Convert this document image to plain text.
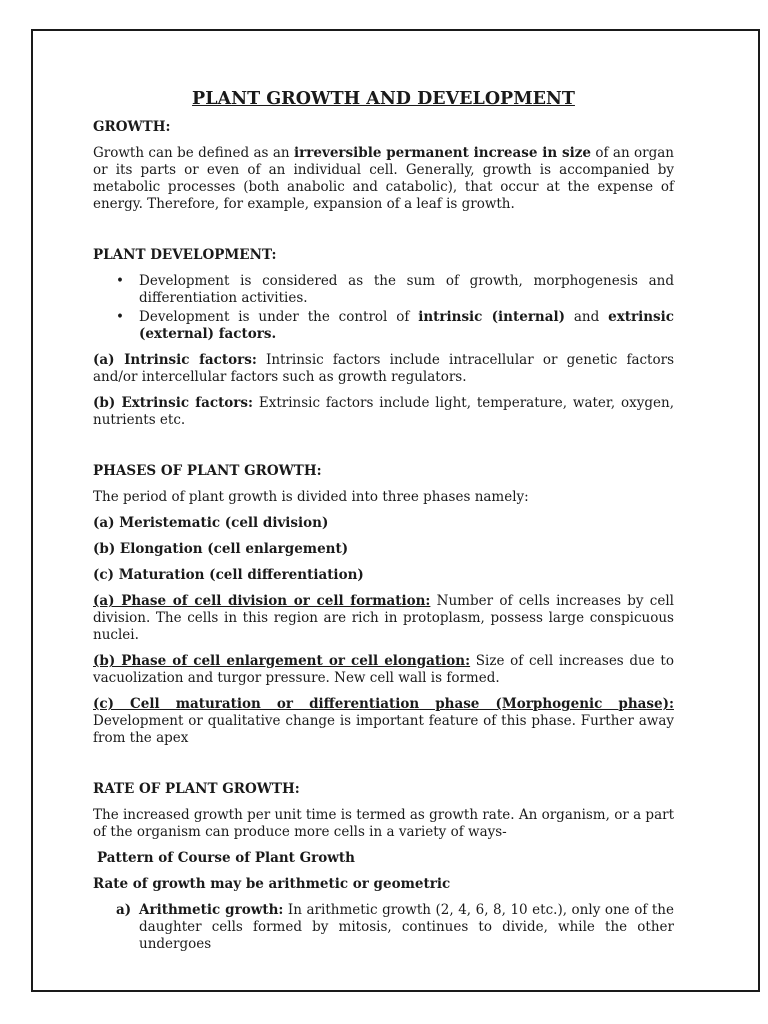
PLANT GROWTH AND DEVELOPMENT
GROWTH:

Growth can be defined as an irreversible permanent increase in size of an organ or its parts or even of an individual cell. Generally, growth is accompanied by metabolic processes (both anabolic and catabolic), that occur at the expense of energy. Therefore, for example, expansion of a leaf is growth.

PLANT DEVELOPMENT:
• Development is considered as the sum of growth, morphogenesis and differentiation activities.
• Development is under the control of intrinsic (internal) and extrinsic (external) factors.

(a) Intrinsic factors: Intrinsic factors include intracellular or genetic factors and/or intercellular factors such as growth regulators.

(b) Extrinsic factors: Extrinsic factors include light, temperature, water, oxygen, nutrients etc.

PHASES OF PLANT GROWTH:

The period of plant growth is divided into three phases namely:

(a) Meristematic (cell division)

(b) Elongation (cell enlargement)

(c) Maturation (cell differentiation)

(a) Phase of cell division or cell formation: Number of cells increases by cell division. The cells in this region are rich in protoplasm, possess large conspicuous nuclei.

(b) Phase of cell enlargement or cell elongation: Size of cell increases due to vacuolization and turgor pressure. New cell wall is formed.

(c) Cell maturation or differentiation phase (Morphogenic phase): Development or qualitative change is important feature of this phase. Further away from the apex

RATE OF PLANT GROWTH:

The increased growth per unit time is termed as growth rate. An organism, or a part of the organism can produce more cells in a variety of ways-

Pattern of Course of Plant Growth

Rate of growth may be arithmetic or geometric

a) Arithmetic growth: In arithmetic growth (2, 4, 6, 8, 10 etc.), only one of the daughter cells formed by mitosis, continues to divide, while the other undergoes
